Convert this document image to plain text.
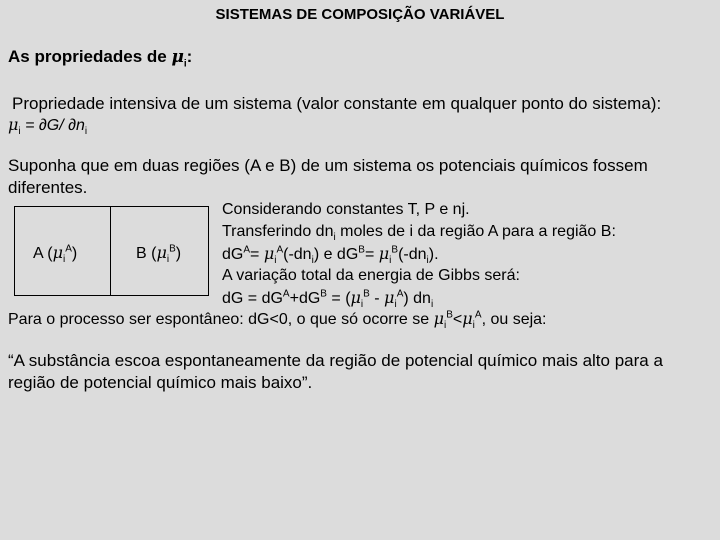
SISTEMAS DE COMPOSIÇÃO VARIÁVEL
As propriedades de $\mu_i$:
Propriedade intensiva de um sistema (valor constante em qualquer ponto do sistema):
$\mu_i = \partial G/$ $\partial n_i$
Suponha que em duas regiões (A e B) de um sistema os potenciais químicos fossem
diferentes.
A $(\mu_i^A)$	B $(\mu_i^B)$
Considerando constantes T, P e nj.
Transferindo $dn_i$ moles de i da região A para a região B:
$dG^A= \mu_i^A(-dn_i)$ e $dG^B= \mu_i^B(-dn_i)$.
A variação total da energia de Gibbs será:
dG = $dG^A+dG^B = (\mu_i^B - \mu_i^A)$ $dn_i$
Para o processo ser espontâneo: dG<0, o que só ocorre se $\mu_i^B<\mu_i^A$, ou seja:
“A substância escoa espontaneamente da região de potencial químico mais alto para a
região de potencial químico mais baixo”.
